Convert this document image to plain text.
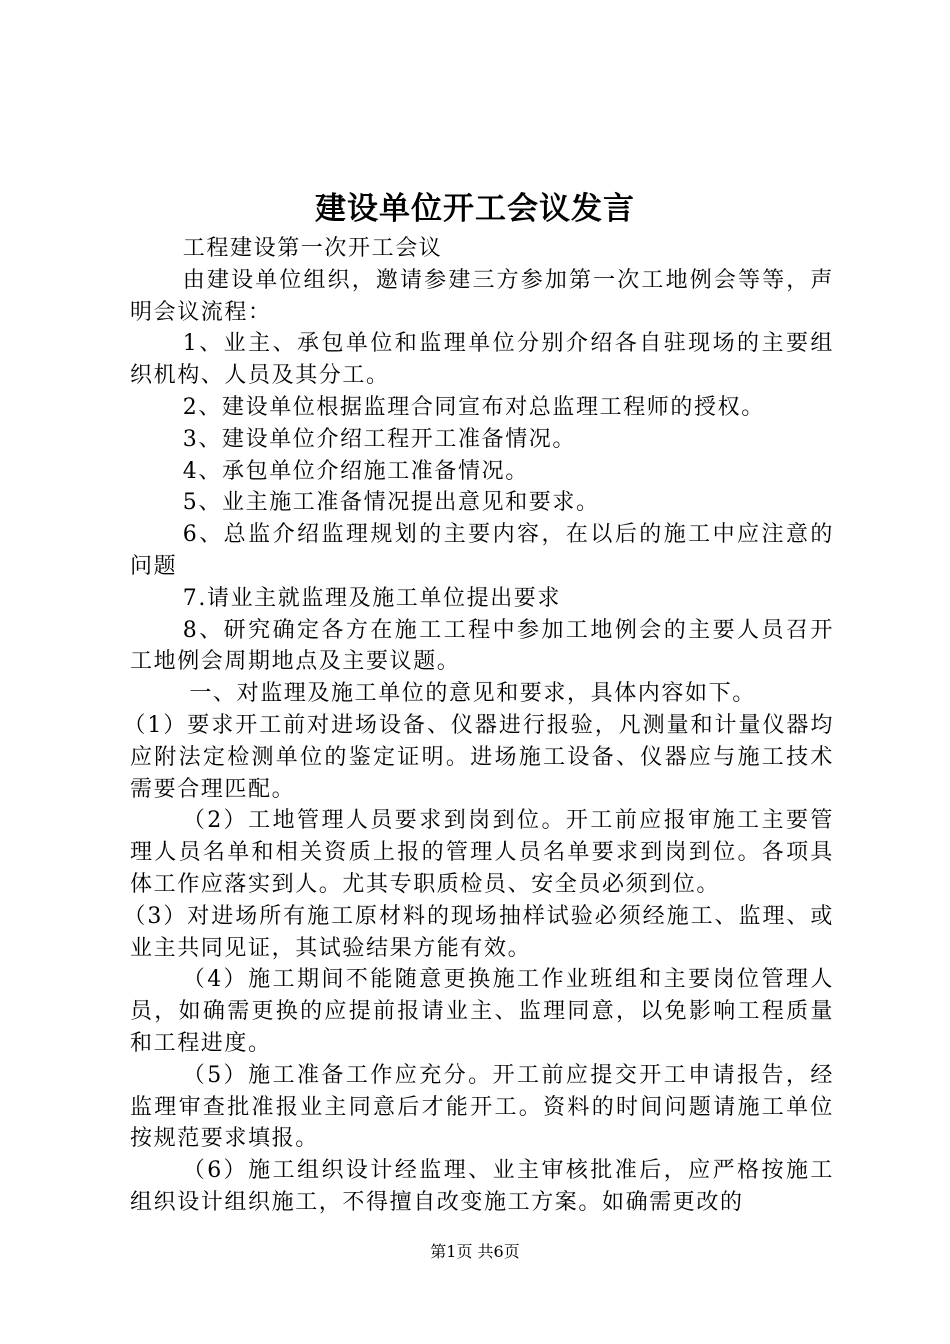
建设单位开工会议发言

工程建设第一次开工会议

由建设单位组织，邀请参建三方参加第一次工地例会等等，声明会议流程：

1、业主、承包单位和监理单位分别介绍各自驻现场的主要组织机构、人员及其分工。

2、建设单位根据监理合同宣布对总监理工程师的授权。

3、建设单位介绍工程开工准备情况。

4、承包单位介绍施工准备情况。

5、业主施工准备情况提出意见和要求。

6、总监介绍监理规划的主要内容，在以后的施工中应注意的问题

7.请业主就监理及施工单位提出要求

8、研究确定各方在施工工程中参加工地例会的主要人员召开工地例会周期地点及主要议题。

一、对监理及施工单位的意见和要求，具体内容如下。

（1）要求开工前对进场设备、仪器进行报验，凡测量和计量仪器均应附法定检测单位的鉴定证明。进场施工设备、仪器应与施工技术需要合理匹配。

（2）工地管理人员要求到岗到位。开工前应报审施工主要管理人员名单和相关资质上报的管理人员名单要求到岗到位。各项具体工作应落实到人。尤其专职质检员、安全员必须到位。

（3）对进场所有施工原材料的现场抽样试验必须经施工、监理、或业主共同见证，其试验结果方能有效。

（4）施工期间不能随意更换施工作业班组和主要岗位管理人员，如确需更换的应提前报请业主、监理同意，以免影响工程质量和工程进度。

（5）施工准备工作应充分。开工前应提交开工申请报告，经监理审查批准报业主同意后才能开工。资料的时间问题请施工单位按规范要求填报。

（6）施工组织设计经监理、业主审核批准后，应严格按施工组织设计组织施工，不得擅自改变施工方案。如确需更改的

第1页 共6页
